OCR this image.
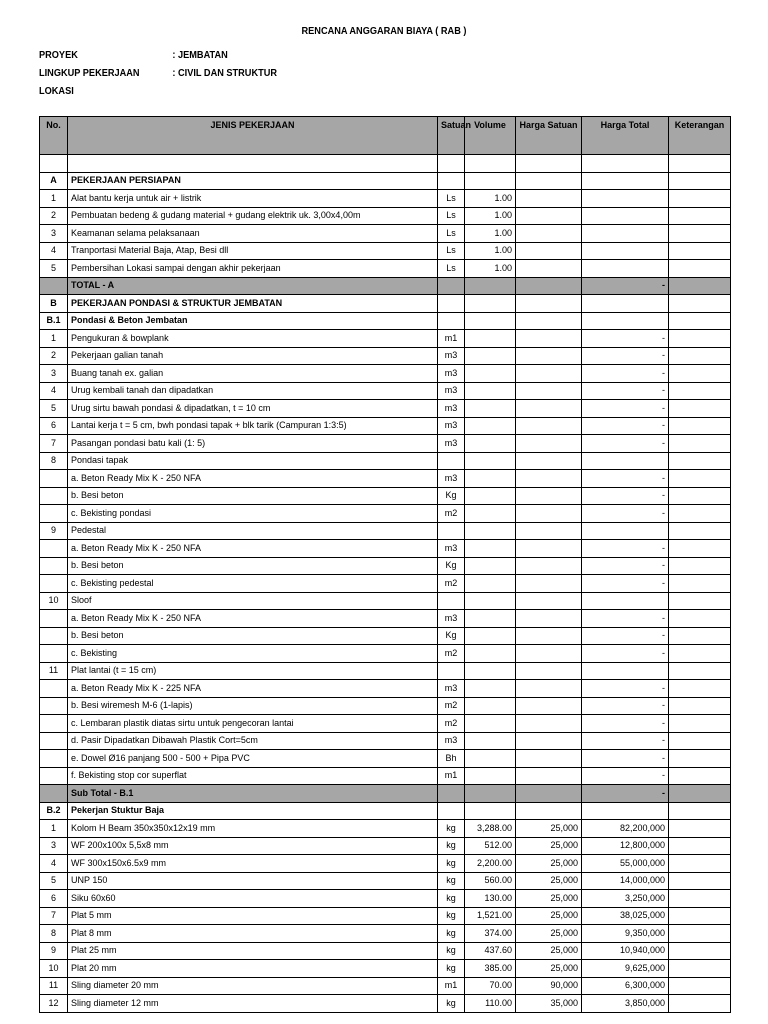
RENCANA ANGGARAN BIAYA ( RAB )
PROYEK	: JEMBATAN
LINGKUP PEKERJAAN	: CIVIL DAN STRUKTUR
LOKASI
No.	JENIS PEKERJAAN	Satuan	Volume	Harga Satuan	Harga Total	Keterangan

A	PEKERJAAN PERSIAPAN					
1	Alat bantu kerja untuk air + listrik	Ls	1.00			
2	Pembuatan bedeng & gudang material + gudang elektrik uk. 3,00x4,00m	Ls	1.00			
3	Keamanan selama pelaksanaan	Ls	1.00			
4	Tranportasi Material Baja, Atap, Besi dll	Ls	1.00			
5	Pembersihan Lokasi sampai dengan akhir pekerjaan	Ls	1.00			
	TOTAL - A				-	
B	PEKERJAAN PONDASI & STRUKTUR JEMBATAN					
B.1	Pondasi & Beton Jembatan					
1	Pengukuran & bowplank	m1			-	
2	Pekerjaan galian tanah	m3			-	
3	Buang tanah ex. galian	m3			-	
4	Urug kembali tanah dan dipadatkan	m3			-	
5	Urug sirtu bawah pondasi & dipadatkan, t = 10 cm	m3			-	
6	Lantai kerja t = 5 cm, bwh pondasi tapak + blk tarik (Campuran 1:3:5)	m3			-	
7	Pasangan pondasi batu kali (1: 5)	m3			-	
8	Pondasi tapak					
	a. Beton Ready Mix K - 250 NFA	m3			-	
	b. Besi beton	Kg			-	
	c. Bekisting pondasi	m2			-	
9	Pedestal					
	a. Beton Ready Mix K - 250 NFA	m3			-	
	b. Besi beton	Kg			-	
	c. Bekisting pedestal	m2			-	
10	Sloof					
	a. Beton Ready Mix K - 250 NFA	m3			-	
	b. Besi beton	Kg			-	
	c. Bekisting	m2			-	
11	Plat lantai (t = 15 cm)					
	a. Beton Ready Mix K - 225 NFA	m3			-	
	b. Besi wiremesh M-6 (1-lapis)	m2			-	
	c. Lembaran plastik diatas sirtu untuk pengecoran lantai	m2			-	
	d. Pasir Dipadatkan Dibawah Plastik Cort=5cm	m3			-	
	e. Dowel Ø16 panjang 500 - 500 + Pipa PVC	Bh			-	
	f. Bekisting stop cor superflat	m1			-	
	Sub Total - B.1				-	
B.2	Pekerjan Stuktur Baja					
1	Kolom H Beam 350x350x12x19 mm	kg	3,288.00	25,000	82,200,000	
3	WF 200x100x 5,5x8 mm	kg	512.00	25,000	12,800,000	
4	WF 300x150x6.5x9 mm	kg	2,200.00	25,000	55,000,000	
5	UNP 150	kg	560.00	25,000	14,000,000	
6	Siku 60x60	kg	130.00	25,000	3,250,000	
7	Plat 5 mm	kg	1,521.00	25,000	38,025,000	
8	Plat 8 mm	kg	374.00	25,000	9,350,000	
9	Plat 25 mm	kg	437.60	25,000	10,940,000	
10	Plat 20 mm	kg	385.00	25,000	9,625,000	
11	Sling diameter 20 mm	m1	70.00	90,000	6,300,000	
12	Sling diameter 12 mm	kg	110.00	35,000	3,850,000	
